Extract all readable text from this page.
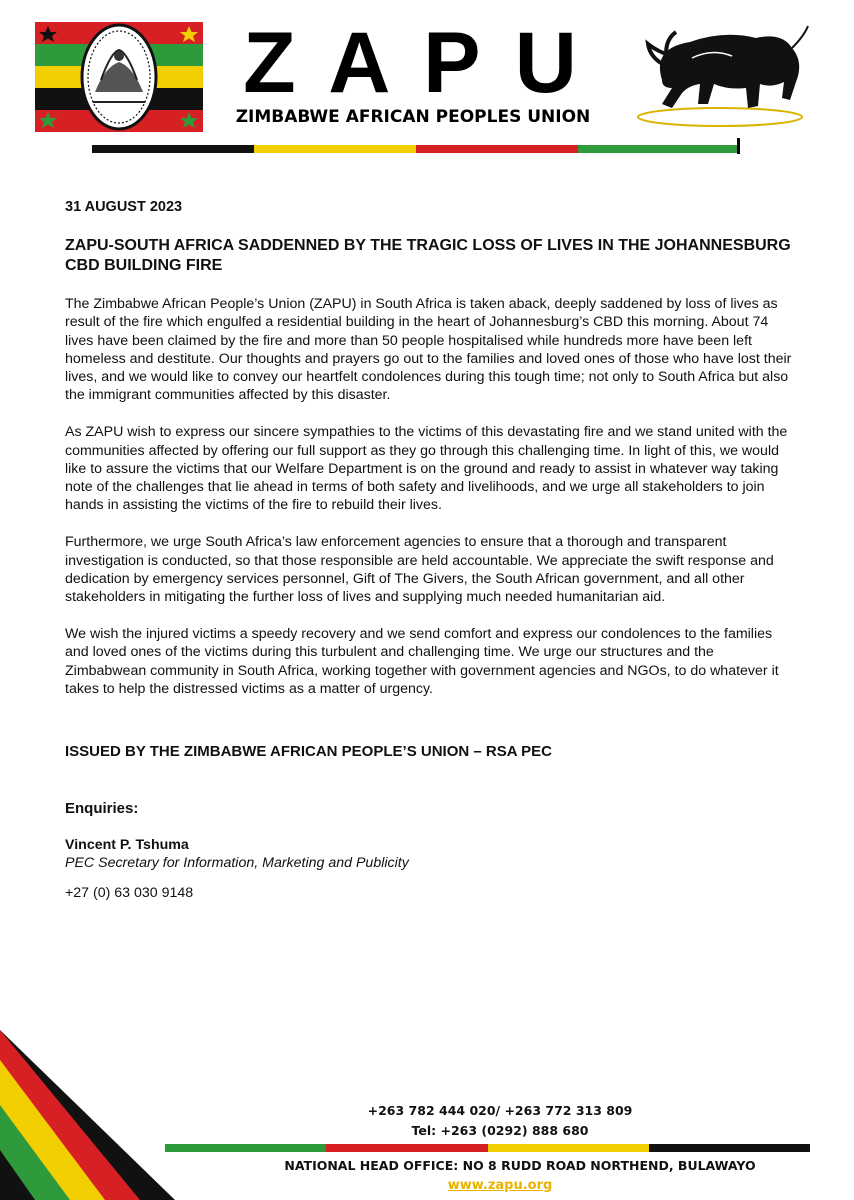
Z A P U
ZIMBABWE AFRICAN PEOPLES UNION

31 AUGUST 2023

ZAPU-SOUTH AFRICA SADDENNED BY THE TRAGIC LOSS OF LIVES IN THE JOHANNESBURG CBD BUILDING FIRE

The Zimbabwe African People’s Union (ZAPU) in South Africa is taken aback, deeply saddened by loss of lives as result of the fire which engulfed a residential building in the heart of Johannesburg’s CBD this morning. About 74 lives have been claimed by the fire and more than 50 people hospitalised while hundreds more have been left homeless and destitute. Our thoughts and prayers go out to the families and loved ones of those who have lost their lives, and we would like to convey our heartfelt condolences during this tough time; not only to South Africa but also the immigrant communities affected by this disaster.

As ZAPU wish to express our sincere sympathies to the victims of this devastating fire and we stand united with the communities affected by offering our full support as they go through this challenging time. In light of this, we would like to assure the victims that our Welfare Department is on the ground and ready to assist in whatever way taking note of the challenges that lie ahead in terms of both safety and livelihoods, and we urge all stakeholders to join hands in assisting the victims of the fire to rebuild their lives.

Furthermore, we urge South Africa’s law enforcement agencies to ensure that a thorough and transparent investigation is conducted, so that those responsible are held accountable. We appreciate the swift response and dedication by emergency services personnel, Gift of The Givers, the South African government, and all other stakeholders in mitigating the further loss of lives and supplying much needed humanitarian aid.

We wish the injured victims a speedy recovery and we send comfort and express our condolences to the families and loved ones of the victims during this turbulent and challenging time. We urge our structures and the Zimbabwean community in South Africa, working together with government agencies and NGOs, to do whatever it takes to help the distressed victims as a matter of urgency.

ISSUED BY THE ZIMBABWE AFRICAN PEOPLE’S UNION – RSA PEC

Enquiries:

Vincent P. Tshuma

PEC Secretary for Information, Marketing and Publicity

+27 (0) 63 030 9148

+263 782 444 020/ +263 772 313 809

Tel: +263 (0292) 888 680

NATIONAL HEAD OFFICE: NO 8 RUDD ROAD NORTHEND, BULAWAYO

www.zapu.org
